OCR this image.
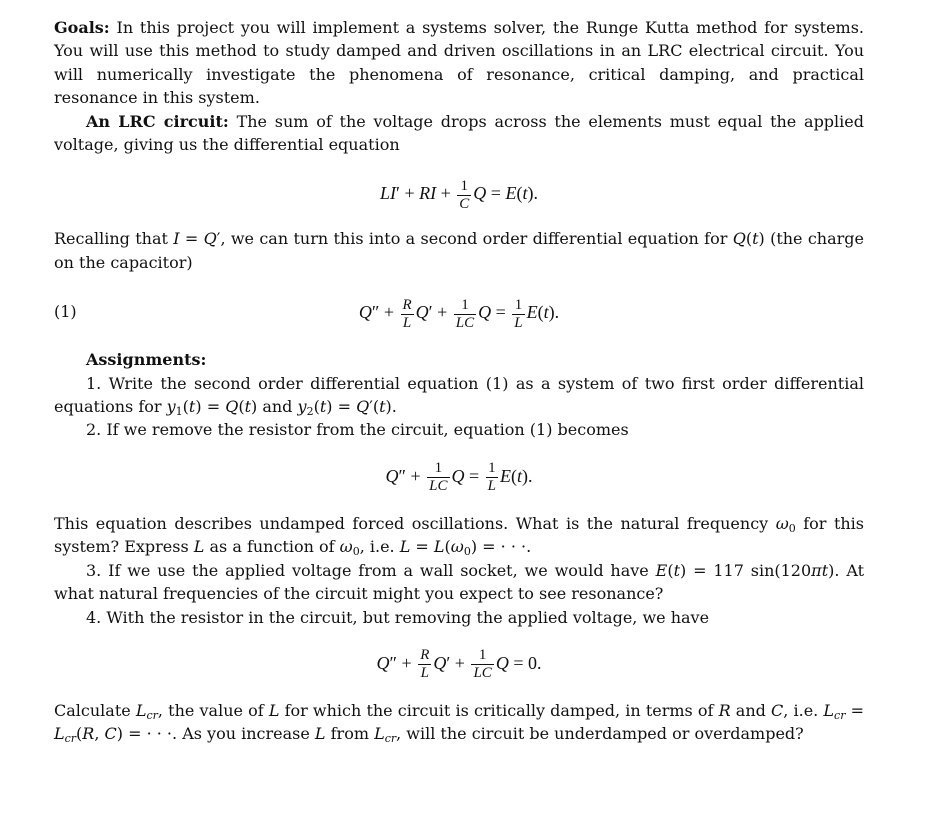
Goals: In this project you will implement a systems solver, the Runge Kutta method for systems. You will use this method to study damped and driven oscillations in an LRC electrical circuit. You will numerically investigate the phenomena of resonance, critical damping, and practical resonance in this system.

An LRC circuit: The sum of the voltage drops across the elements must equal the applied voltage, giving us the differential equation

LI′ + RI + $\frac{1}{C}$ Q = E(t).

Recalling that I = Q′, we can turn this into a second order differential equation for Q(t) (the charge on the capacitor)

(1)	$Q'' + \frac{R}{L} Q' + \frac{1}{LC}$ $Q = \frac{1}{L} E(t)$.

Assignments:

1. Write the second order differential equation (1) as a system of two first order differential equations for $y_1(t) = Q(t)$ and $y_2(t) = Q'(t)$.

2. If we remove the resistor from the circuit, equation (1) becomes

$Q'' + \frac{1}{LC}$ $Q = \frac{1}{L} E(t)$.

This equation describes undamped forced oscillations. What is the natural frequency $\omega_0$ for this system? Express L as a function of $\omega_0$, i.e. $L = L(\omega_0)$ = · · ·.

3. If we use the applied voltage from a wall socket, we would have E(t) = 117 sin(120πt). At what natural frequencies of the circuit might you expect to see resonance?

4. With the resistor in the circuit, but removing the applied voltage, we have

$Q'' + \frac{R}{L} Q' + \frac{1}{LC}$ Q = 0.

Calculate $L_{cr}$, the value of L for which the circuit is critically damped, in terms of R and C, i.e. $L_{cr} = L_{cr}(R$, C) = · · ·. As you increase L from $L_{cr}$, will the circuit be underdamped or overdamped?
